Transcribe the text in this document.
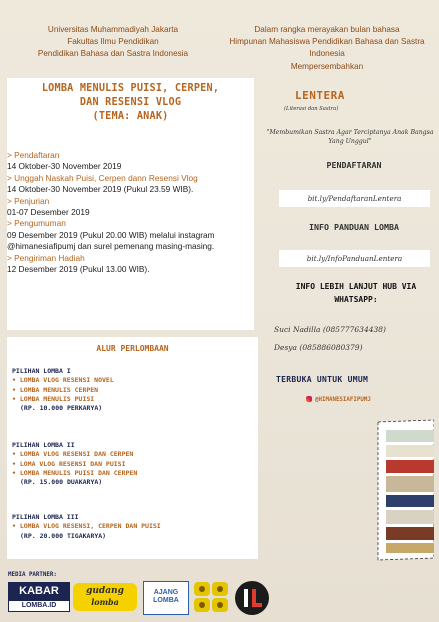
Universitas Muhammadiyah Jakarta
Fakultas Ilmu Pendidikan
Pendidikan Bahasa dan Sastra Indonesia
Dalam rangka merayakan bulan bahasa
Himpunan Mahasiswa Pendidikan Bahasa dan Sastra
Indonesia
Mempersembahkan
LOMBA MENULIS PUISI, CERPEN,
DAN RESENSI VLOG
(TEMA: ANAK)
> Pendaftaran
14 Oktober-30 November 2019
> Unggah Naskah Puisi, Cerpen dann Resensi Vlog
14 Oktober-30 November 2019 (Pukul 23.59 WIB).
> Penjurian
01-07 Desember 2019
> Pengumuman
09 Desember 2019 (Pukul 20.00 WIB) melalui instagram @himanesiafipumj dan surel pemenang masing-masing.
> Pengiriman Hadiah
12 Desember 2019 (Pukul 13.00 WIB).
ALUR PERLOMBAAN
PILIHAN LOMBA I
• LOMBA VLOG RESENSI NOVEL
• LOMBA MENULIS CERPEN
• LOMBA MENULIS PUISI
(RP. 10.000 PERKARYA)
PILIHAN LOMBA II
• LOMBA VLOG RESENSI DAN CERPEN
• LOMA VLOG RESENSI DAN PUISI
• LOMBA MENULIS PUISI DAN CERPEN
(RP. 15.000 DUAKARYA)
PILIHAN LOMBA III
• LOMBA VLOG RESENSI, CERPEN DAN PUISI
(RP. 20.000 TIGAKARYA)
LENTERA
(Literasi dan Sastra)
"Membumikan Sastra Agar Terciptanya Anak Bangsa Yang Unggul"
PENDAFTARAN
bit.ly/PendaftaranLentera
INFO PANDUAN LOMBA
bit.ly/InfoPanduanLentera
INFO LEBIH LANJUT HUB VIA WHATSAPP:
Suci Nadilla (085777634438)
Desya (085886080379)
TERBUKA UNTUK UMUM
@HIMANESIAFIPUMJ
MEDIA PARTNER:
KABAR
LOMBA.ID
gudang
lomba
AJANG
LOMBA
